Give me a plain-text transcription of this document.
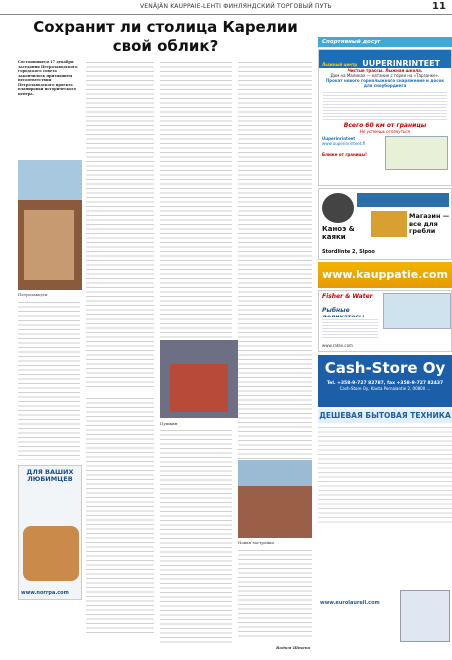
VENÄJÄN KAUPPAIE-LEHTI ФИНЛЯНДСКИЙ ТОРГОВЫЙ ПУТЬ	11
Сохранит ли столица Карелии свой облик?
Состоявшиеся 17 декабря заседания Петрозаводского городского совета закончилось признанием несоответствия Петрозаводского проекта планировки исторического центра.
Петрозаводск
Пушкин
Новая застройка
Вадим Штепа
ДЛЯ ВАШИХ ЛЮБИМЦЕВ
www.norrpa.com
Спортивный досуг
Лыжный центр UUPERINRINTEET
Чистые трассы. Лыжная школа.
Дом на Малинах — катание с горки на «Тарзанке».
Прокат нового горнолыжного снаряжения и досок для сноубординга
Всего 60 км от границы
Не успеешь оглянуться
Uuperinrinteet
www.uuperinrinteet.fi
Ближе от границы!
Каноэ & каяки
Магазин — все для гребли
Stordlinte 2, Sipoo
www.kauppatie.com
Fisher & Water
Рыбные
www.ratex.com
Cash-Store Oy
Tel. +358-9-727 82787, fax +358-9-727 82437
Cash-Store Oy, Kauta Pornaiantie 2, 00800 ...
ДЕШЕВАЯ БЫТОВАЯ ТЕХНИКА
www.eurolaurell.com
